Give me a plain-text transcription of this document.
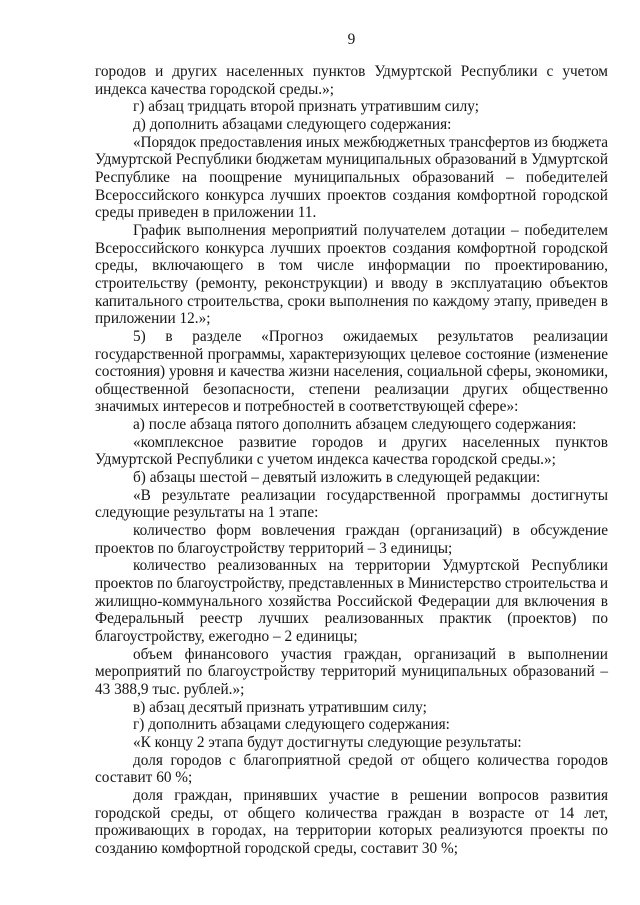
9
городов и других населенных пунктов Удмуртской Республики с учетом
индекса качества городской среды.»;
г) абзац тридцать второй признать утратившим силу;
д) дополнить абзацами следующего содержания:
«Порядок предоставления иных межбюджетных трансфертов из бюджета
Удмуртской Республики бюджетам муниципальных образований в Удмуртской
Республике на поощрение муниципальных образований – победителей
Всероссийского конкурса лучших проектов создания комфортной городской
среды приведен в приложении 11.
График выполнения мероприятий получателем дотации – победителем
Всероссийского конкурса лучших проектов создания комфортной городской
среды, включающего в том числе информации по проектированию,
строительству (ремонту, реконструкции) и вводу в эксплуатацию объектов
капитального строительства, сроки выполнения по каждому этапу, приведен в
приложении 12.»;
5) в разделе «Прогноз ожидаемых результатов реализации
государственной программы, характеризующих целевое состояние (изменение
состояния) уровня и качества жизни населения, социальной сферы, экономики,
общественной безопасности, степени реализации других общественно
значимых интересов и потребностей в соответствующей сфере»:
а) после абзаца пятого дополнить абзацем следующего содержания:
«комплексное развитие городов и других населенных пунктов
Удмуртской Республики с учетом индекса качества городской среды.»;
б) абзацы шестой – девятый изложить в следующей редакции:
«В результате реализации государственной программы достигнуты
следующие результаты на 1 этапе:
количество форм вовлечения граждан (организаций) в обсуждение
проектов по благоустройству территорий – 3 единицы;
количество реализованных на территории Удмуртской Республики
проектов по благоустройству, представленных в Министерство строительства и
жилищно-коммунального хозяйства Российской Федерации для включения в
Федеральный реестр лучших реализованных практик (проектов) по
благоустройству, ежегодно – 2 единицы;
объем финансового участия граждан, организаций в выполнении
мероприятий по благоустройству территорий муниципальных образований –
43 388,9 тыс. рублей.»;
в) абзац десятый признать утратившим силу;
г) дополнить абзацами следующего содержания:
«К концу 2 этапа будут достигнуты следующие результаты:
доля городов с благоприятной средой от общего количества городов
составит 60 %;
доля граждан, принявших участие в решении вопросов развития
городской среды, от общего количества граждан в возрасте от 14 лет,
проживающих в городах, на территории которых реализуются проекты по
созданию комфортной городской среды, составит 30 %;
